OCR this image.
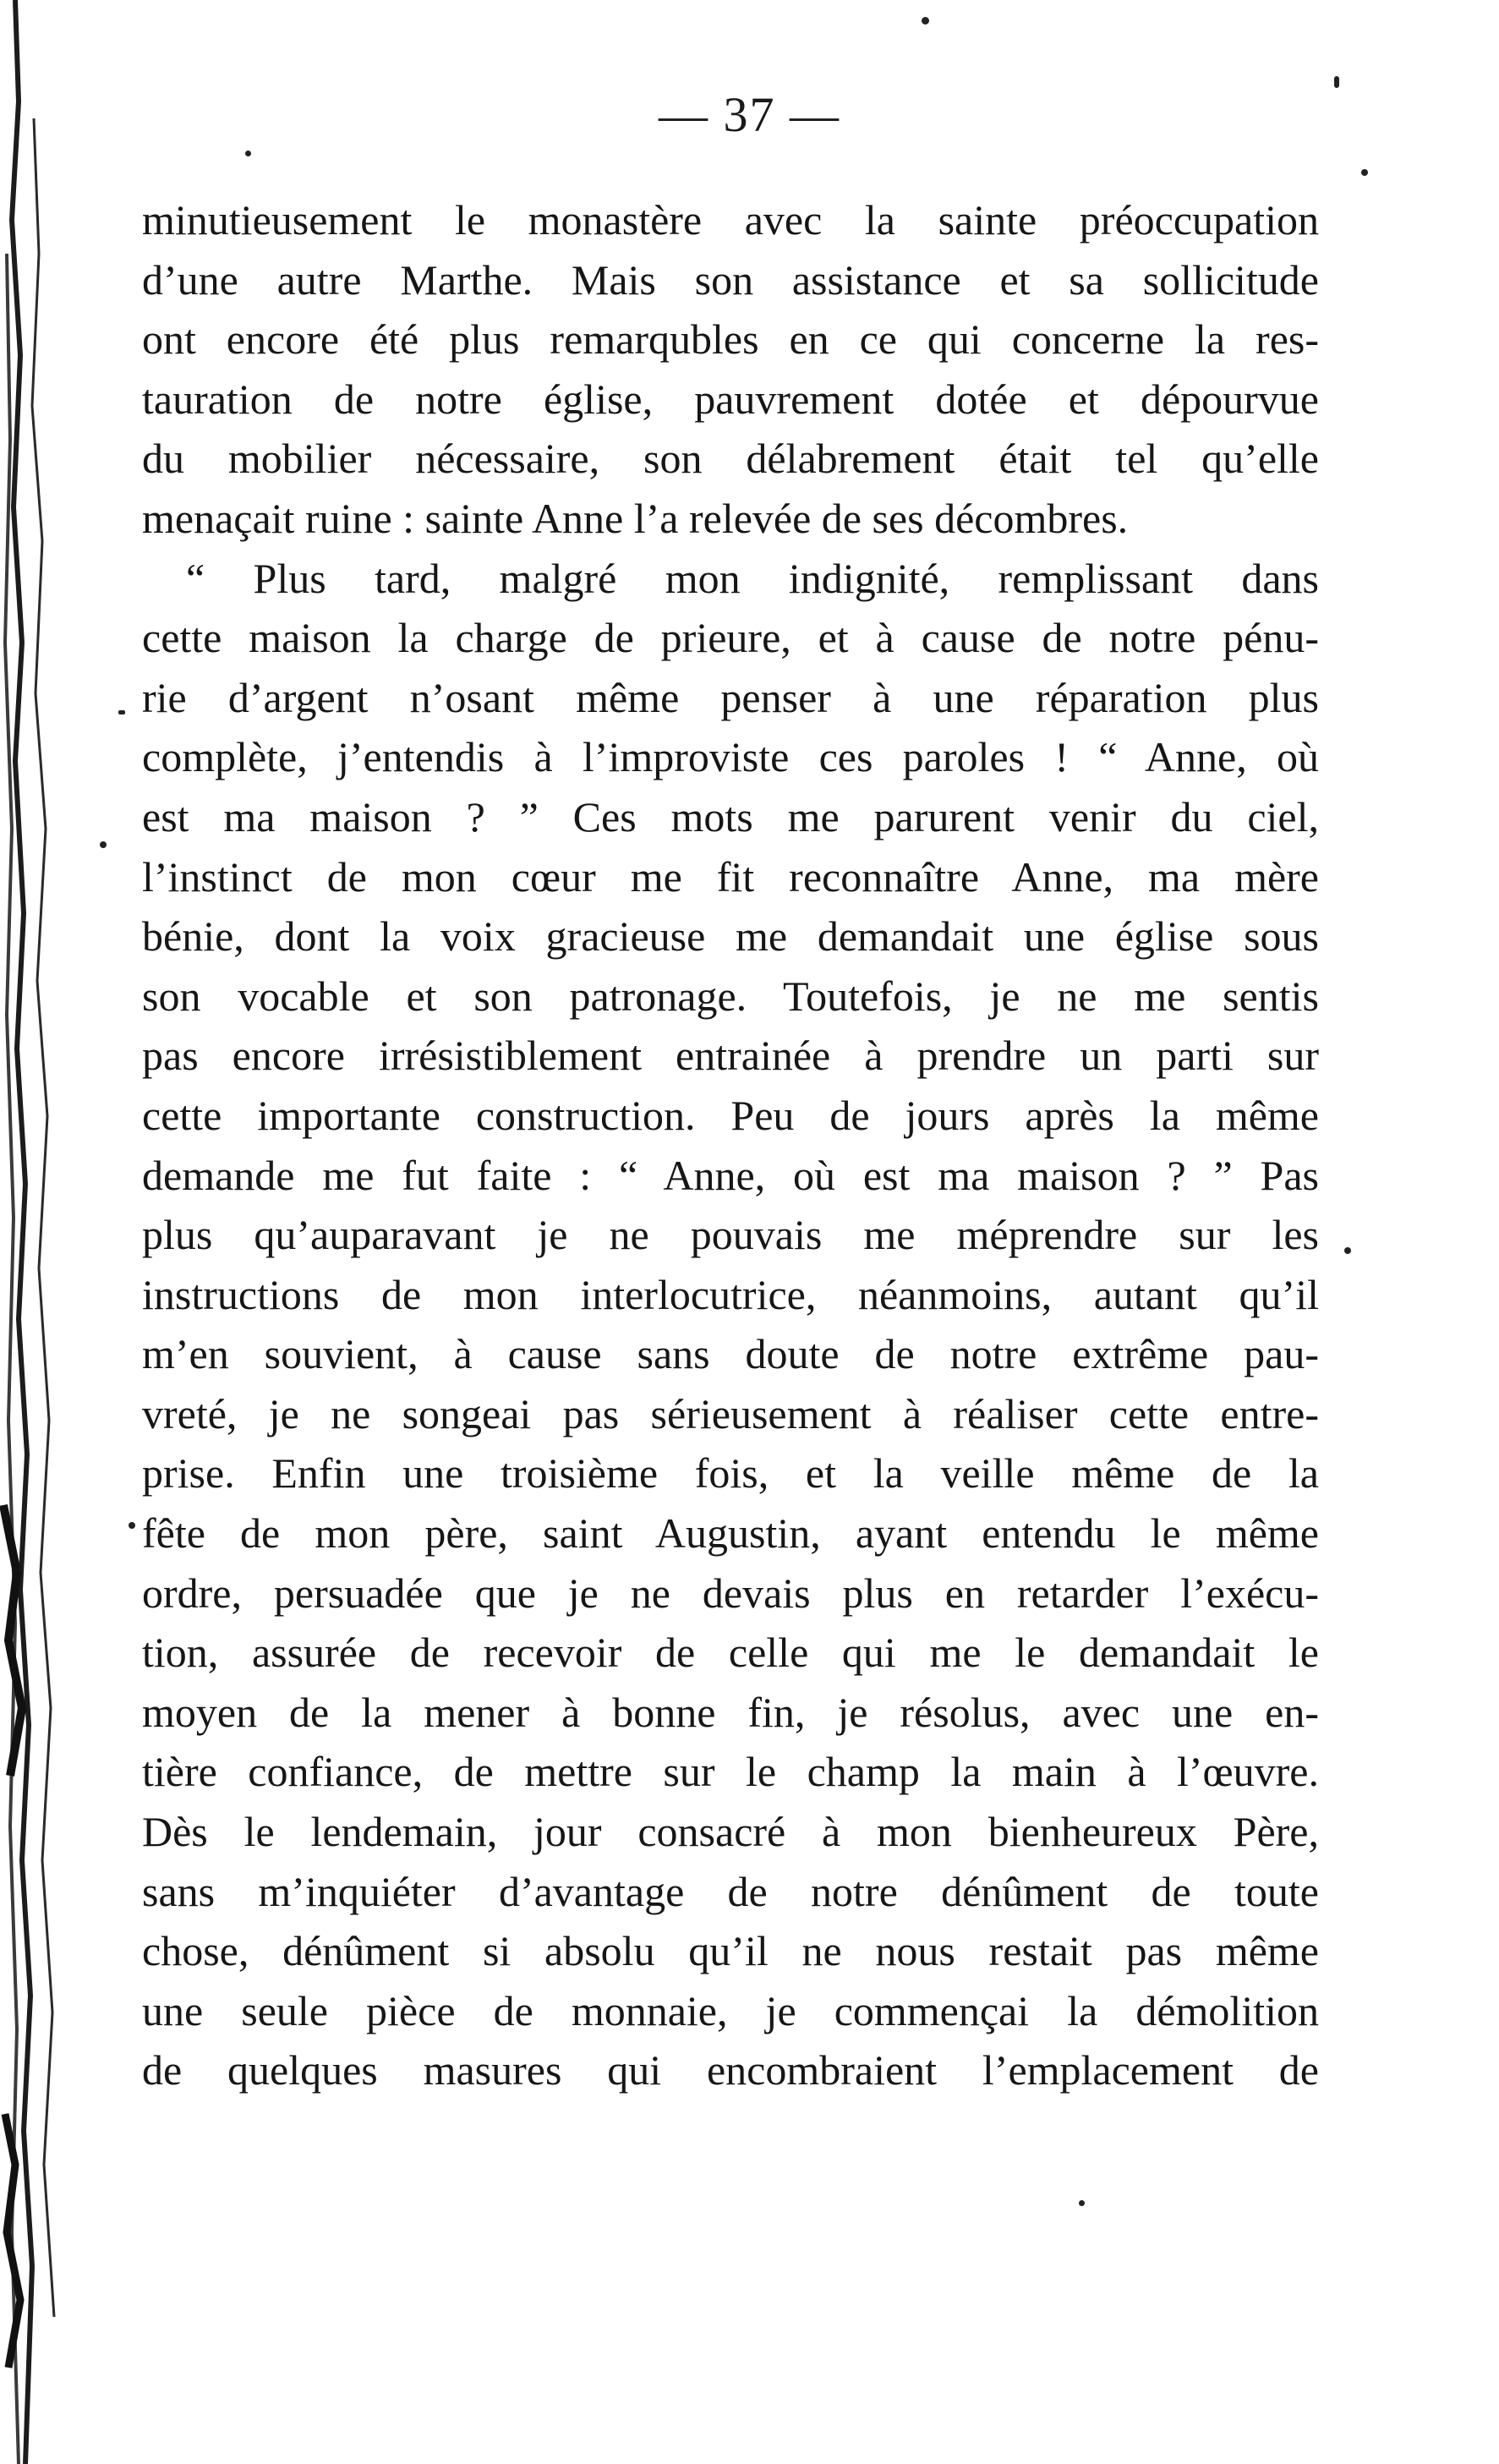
— 37 —
minutieusement le monastère avec la sainte préoccupation
d’une autre Marthe. Mais son assistance et sa sollicitude
ont encore été plus remarqubles en ce qui concerne la res-
tauration de notre église, pauvrement dotée et dépourvue
du mobilier nécessaire, son délabrement était tel qu’elle
menaçait ruine : sainte Anne l’a relevée de ses décombres.
“ Plus tard, malgré mon indignité, remplissant dans
cette maison la charge de prieure, et à cause de notre pénu-
rie d’argent n’osant même penser à une réparation plus
complète, j’entendis à l’improviste ces paroles ! “ Anne, où
est ma maison ? ” Ces mots me parurent venir du ciel,
l’instinct de mon cœur me fit reconnaître Anne, ma mère
bénie, dont la voix gracieuse me demandait une église sous
son vocable et son patronage. Toutefois, je ne me sentis
pas encore irrésistiblement entrainée à prendre un parti sur
cette importante construction. Peu de jours après la même
demande me fut faite : “ Anne, où est ma maison ? ” Pas
plus qu’auparavant je ne pouvais me méprendre sur les
instructions de mon interlocutrice, néanmoins, autant qu’il
m’en souvient, à cause sans doute de notre extrême pau-
vreté, je ne songeai pas sérieusement à réaliser cette entre-
prise. Enfin une troisième fois, et la veille même de la
fête de mon père, saint Augustin, ayant entendu le même
ordre, persuadée que je ne devais plus en retarder l’exécu-
tion, assurée de recevoir de celle qui me le demandait le
moyen de la mener à bonne fin, je résolus, avec une en-
tière confiance, de mettre sur le champ la main à l’œuvre.
Dès le lendemain, jour consacré à mon bienheureux Père,
sans m’inquiéter d’avantage de notre dénûment de toute
chose, dénûment si absolu qu’il ne nous restait pas même
une seule pièce de monnaie, je commençai la démolition
de quelques masures qui encombraient l’emplacement de
